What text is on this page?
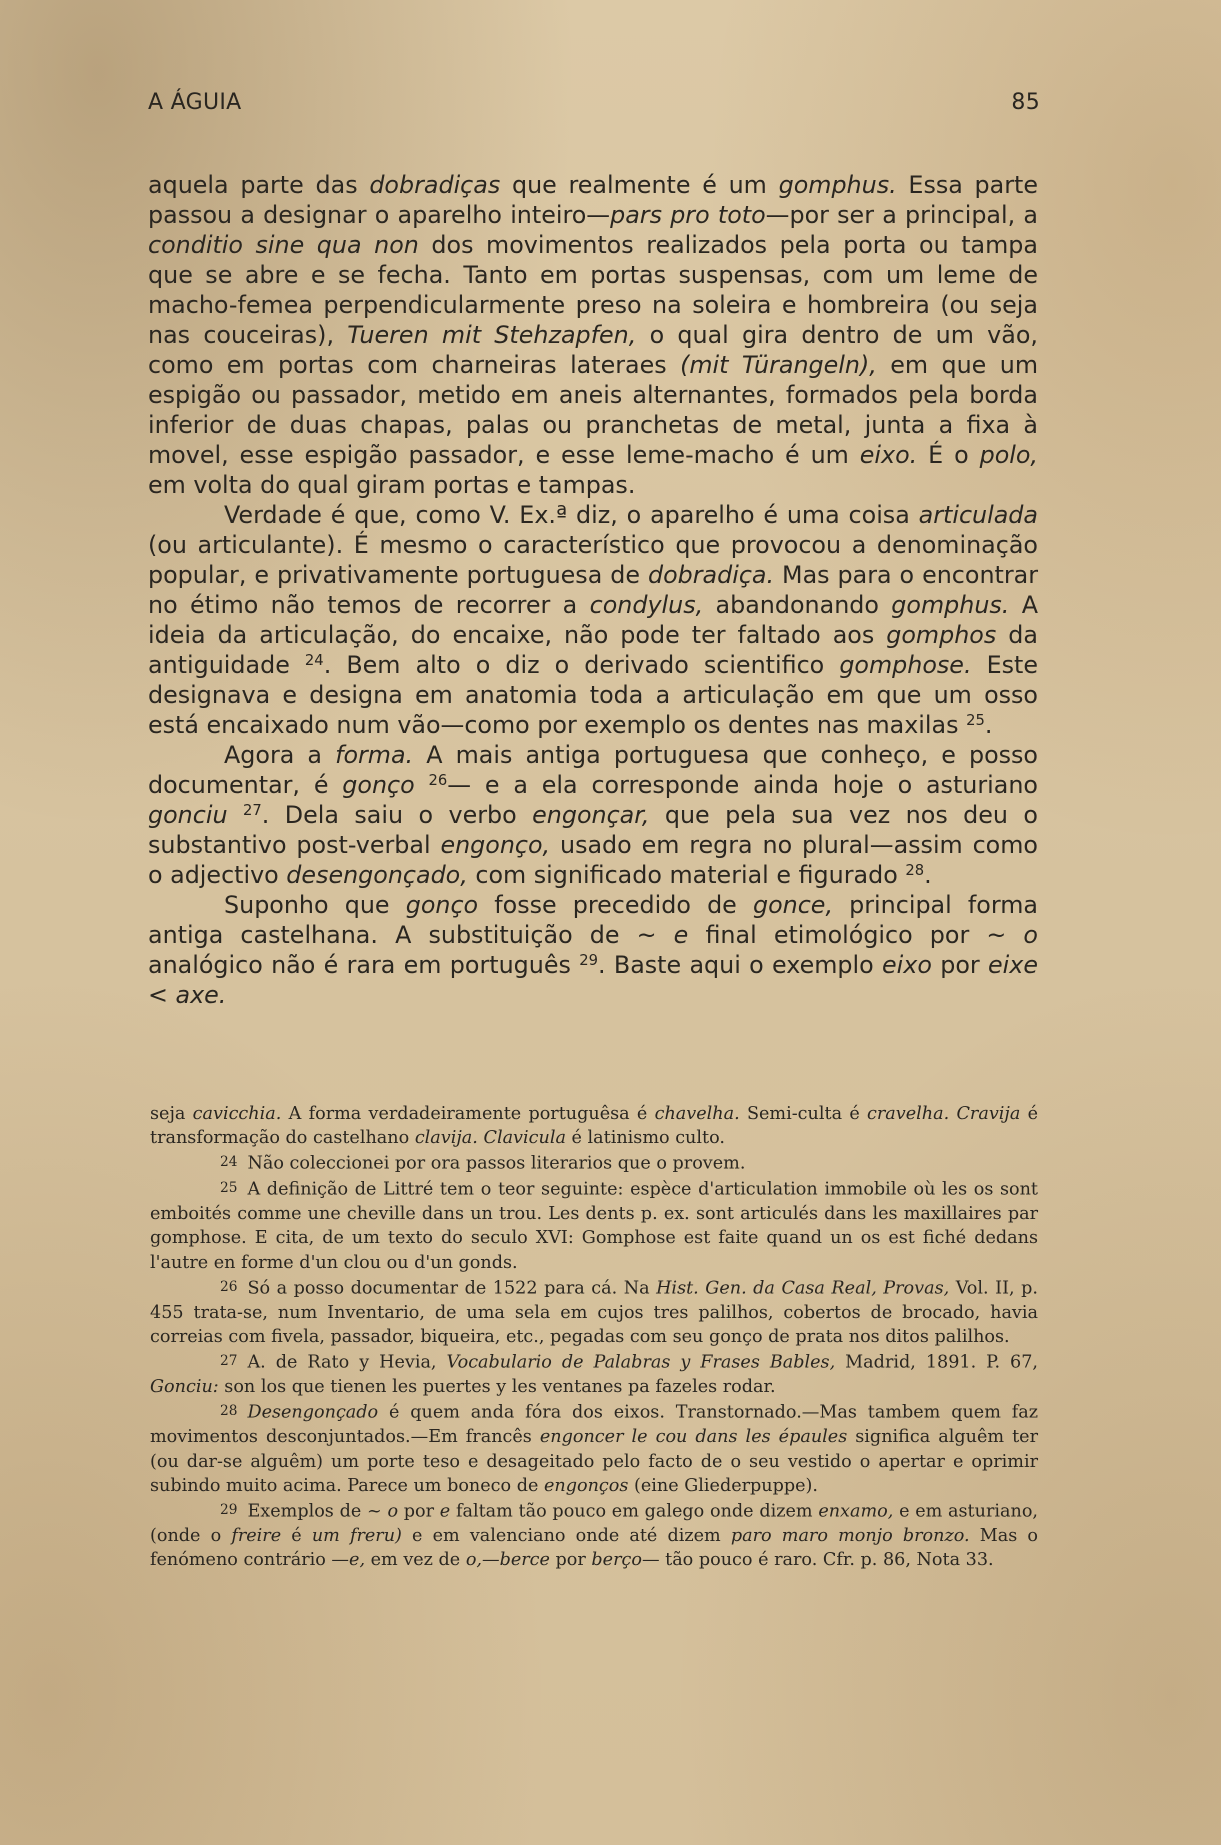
A ÁGUIA	85

aquela parte das dobradiças que realmente é um gomphus. Essa parte passou a designar o aparelho inteiro—pars pro toto—por ser a principal, a conditio sine qua non dos movimentos realizados pela porta ou tampa que se abre e se fecha. Tanto em portas suspensas, com um leme de macho-femea perpendicularmente preso na soleira e hombreira (ou seja nas couceiras), Tueren mit Stehzapfen, o qual gira dentro de um vão, como em portas com charneiras lateraes (mit Türangeln), em que um espigão ou passador, metido em aneis alternantes, formados pela borda inferior de duas chapas, palas ou pranchetas de metal, junta a fixa à movel, esse espigão passador, e esse leme-macho é um eixo. É o polo, em volta do qual giram portas e tampas.

Verdade é que, como V. Ex.ª diz, o aparelho é uma coisa articulada (ou articulante). É mesmo o característico que provocou a denominação popular, e privativamente portuguesa de dobradiça. Mas para o encontrar no étimo não temos de recorrer a condylus, abandonando gomphus. A ideia da articulação, do encaixe, não pode ter faltado aos gomphos da antiguidade $^{24}$. Bem alto o diz o derivado scientifico gomphose. Este designava e designa em anatomia toda a articulação em que um osso está encaixado num vão—como por exemplo os dentes nas maxilas $^{25}$.

Agora a forma. A mais antiga portuguesa que conheço, e posso documentar, é gonço $^{26}$— e a ela corresponde ainda hoje o asturiano gonciu $^{27}$. Dela saiu o verbo engonçar, que pela sua vez nos deu o substantivo post-verbal engonço, usado em regra no plural—assim como o adjectivo desengonçado, com significado material e figurado $^{28}$.

Suponho que gonço fosse precedido de gonce, principal forma antiga castelhana. A substituição de ~ e final etimológico por ~ o analógico não é rara em português $^{29}$. Baste aqui o exemplo eixo por eixe < axe.

seja cavicchia. A forma verdadeiramente portuguêsa é chavelha. Semi-culta é cravelha. Cravija é transformação do castelhano clavija. Clavicula é latinismo culto.

24 Não coleccionei por ora passos literarios que o provem.

25 A definição de Littré tem o teor seguinte: espèce d'articulation immobile où les os sont emboités comme une cheville dans un trou. Les dents p. ex. sont articulés dans les maxillaires par gomphose. E cita, de um texto do seculo XVI: Gomphose est faite quand un os est fiché dedans l'autre en forme d'un clou ou d'un gonds.

26 Só a posso documentar de 1522 para cá. Na Hist. Gen. da Casa Real, Provas, Vol. II, p. 455 trata-se, num Inventario, de uma sela em cujos tres palilhos, cobertos de brocado, havia correias com fivela, passador, biqueira, etc., pegadas com seu gonço de prata nos ditos palilhos.

27 A. de Rato y Hevia, Vocabulario de Palabras y Frases Bables, Madrid, 1891. P. 67, Gonciu: son los que tienen les puertes y les ventanes pa fazeles rodar.

28 Desengonçado é quem anda fóra dos eixos. Transtornado.—Mas tambem quem faz movimentos desconjuntados.—Em francês engoncer le cou dans les épaules significa alguêm ter (ou dar-se alguêm) um porte teso e desageitado pelo facto de o seu vestido o apertar e oprimir subindo muito acima. Parece um boneco de engonços (eine Gliederpuppe).

29 Exemplos de ~ o por e faltam tão pouco em galego onde dizem enxamo, e em asturiano, (onde o freire é um freru) e em valenciano onde até dizem paro maro monjo bronzo. Mas o fenómeno contrário —e, em vez de o,—berce por berço— tão pouco é raro. Cfr. p. 86, Nota 33.
